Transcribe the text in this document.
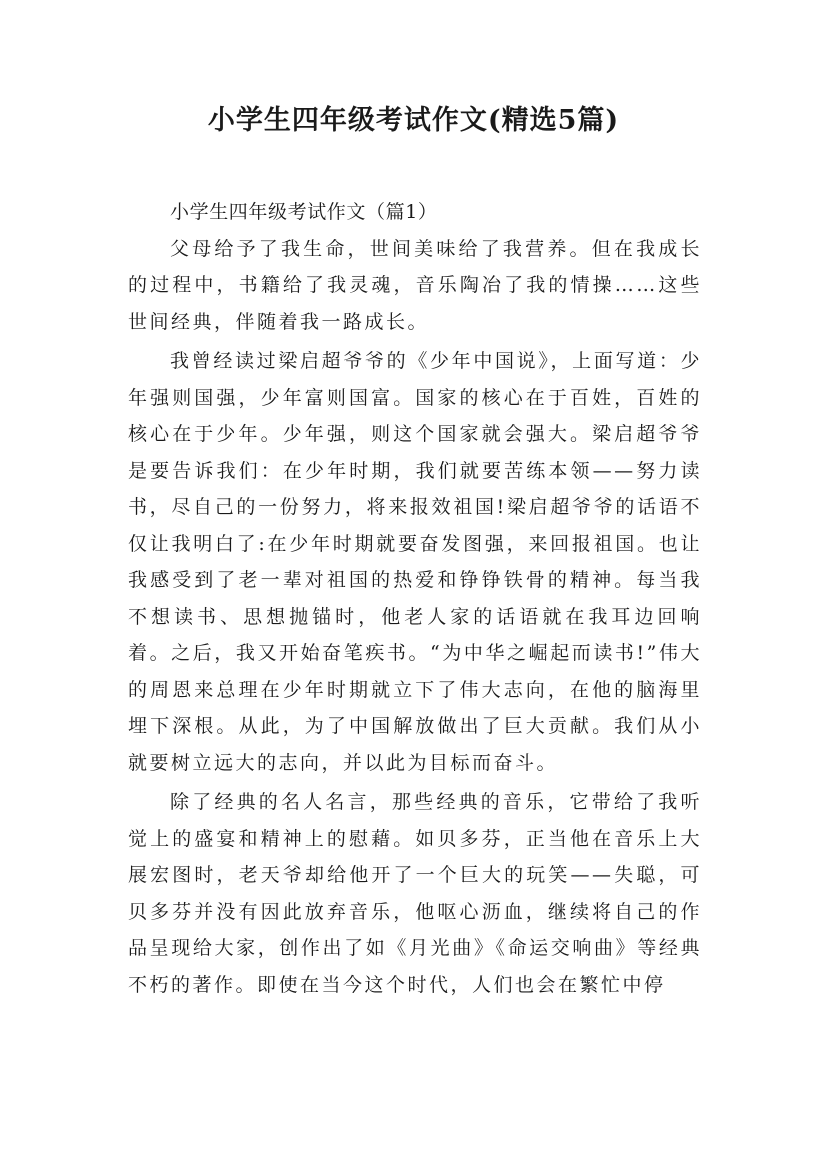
小学生四年级考试作文(精选5篇)

小学生四年级考试作文（篇1）

父母给予了我生命，世间美味给了我营养。但在我成长的过程中，书籍给了我灵魂，音乐陶冶了我的情操……这些世间经典，伴随着我一路成长。

我曾经读过梁启超爷爷的《少年中国说》，上面写道：少年强则国强，少年富则国富。国家的核心在于百姓，百姓的核心在于少年。少年强，则这个国家就会强大。梁启超爷爷是要告诉我们：在少年时期，我们就要苦练本领——努力读书，尽自己的一份努力，将来报效祖国!梁启超爷爷的话语不仅让我明白了:在少年时期就要奋发图强，来回报祖国。也让我感受到了老一辈对祖国的热爱和铮铮铁骨的精神。每当我不想读书、思想抛锚时，他老人家的话语就在我耳边回响着。之后，我又开始奋笔疾书。“为中华之崛起而读书!”伟大的周恩来总理在少年时期就立下了伟大志向，在他的脑海里埋下深根。从此，为了中国解放做出了巨大贡献。我们从小就要树立远大的志向，并以此为目标而奋斗。

除了经典的名人名言，那些经典的音乐，它带给了我听觉上的盛宴和精神上的慰藉。如贝多芬，正当他在音乐上大展宏图时，老天爷却给他开了一个巨大的玩笑——失聪，可贝多芬并没有因此放弃音乐，他呕心沥血，继续将自己的作品呈现给大家，创作出了如《月光曲》《命运交响曲》等经典不朽的著作。即使在当今这个时代，人们也会在繁忙中停
